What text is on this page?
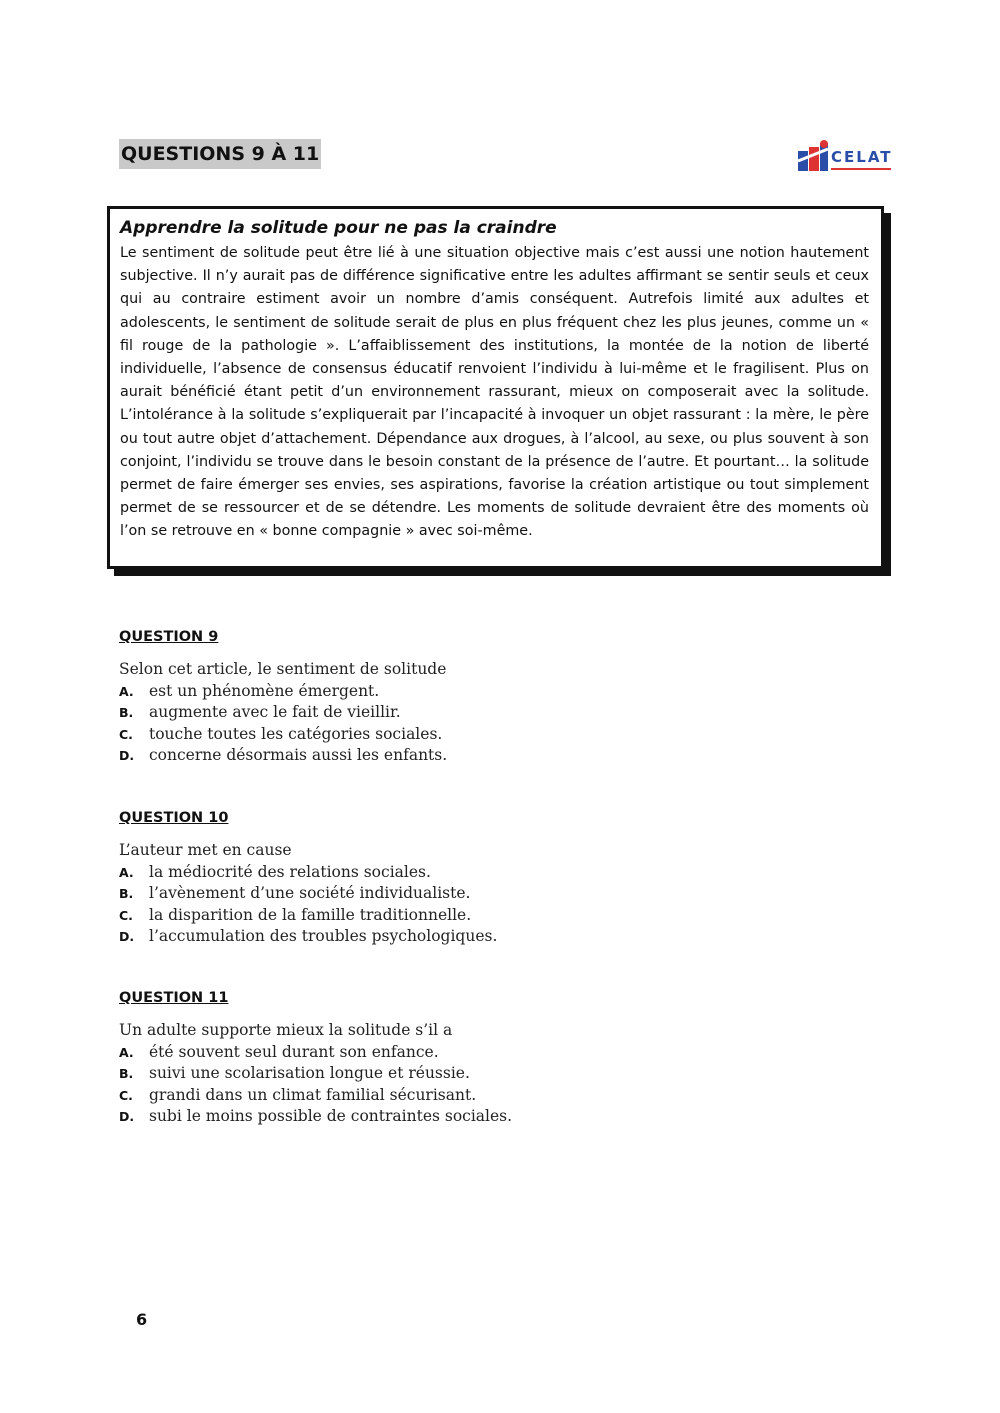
QUESTIONS 9 À 11	CELAT

Apprendre la solitude pour ne pas la craindre

Le sentiment de solitude peut être lié à une situation objective mais c’est aussi une notion hautement subjective. Il n’y aurait pas de différence significative entre les adultes affirmant se sentir seuls et ceux qui au contraire estiment avoir un nombre d’amis conséquent. Autrefois limité aux adultes et adolescents, le sentiment de solitude serait de plus en plus fréquent chez les plus jeunes, comme un « fil rouge de la pathologie ». L’affaiblissement des institutions, la montée de la notion de liberté individuelle, l’absence de consensus éducatif renvoient l’individu à lui-même et le fragilisent. Plus on aurait bénéficié étant petit d’un environnement rassurant, mieux on composerait avec la solitude. L’intolérance à la solitude s’expliquerait par l’incapacité à invoquer un objet rassurant : la mère, le père ou tout autre objet d’attachement. Dépendance aux drogues, à l’alcool, au sexe, ou plus souvent à son conjoint, l’individu se trouve dans le besoin constant de la présence de l’autre. Et pourtant… la solitude permet de faire émerger ses envies, ses aspirations, favorise la création artistique ou tout simplement permet de se ressourcer et de se détendre. Les moments de solitude devraient être des moments où l’on se retrouve en « bonne compagnie » avec soi-même.

QUESTION 9

Selon cet article, le sentiment de solitude

A. est un phénomène émergent.
B.	augmente avec le fait de vieillir.
C.	touche toutes les catégories sociales.
D. concerne désormais aussi les enfants.

QUESTION 10

L’auteur met en cause

A. la médiocrité des relations sociales.
B.	l’avènement d’une société individualiste.
C.	la disparition de la famille traditionnelle.
D. l’accumulation des troubles psychologiques.

QUESTION 11

Un adulte supporte mieux la solitude s’il a

A. été souvent seul durant son enfance.
B.	suivi une scolarisation longue et réussie.
C.	grandi dans un climat familial sécurisant.
D. subi le moins possible de contraintes sociales.
6
